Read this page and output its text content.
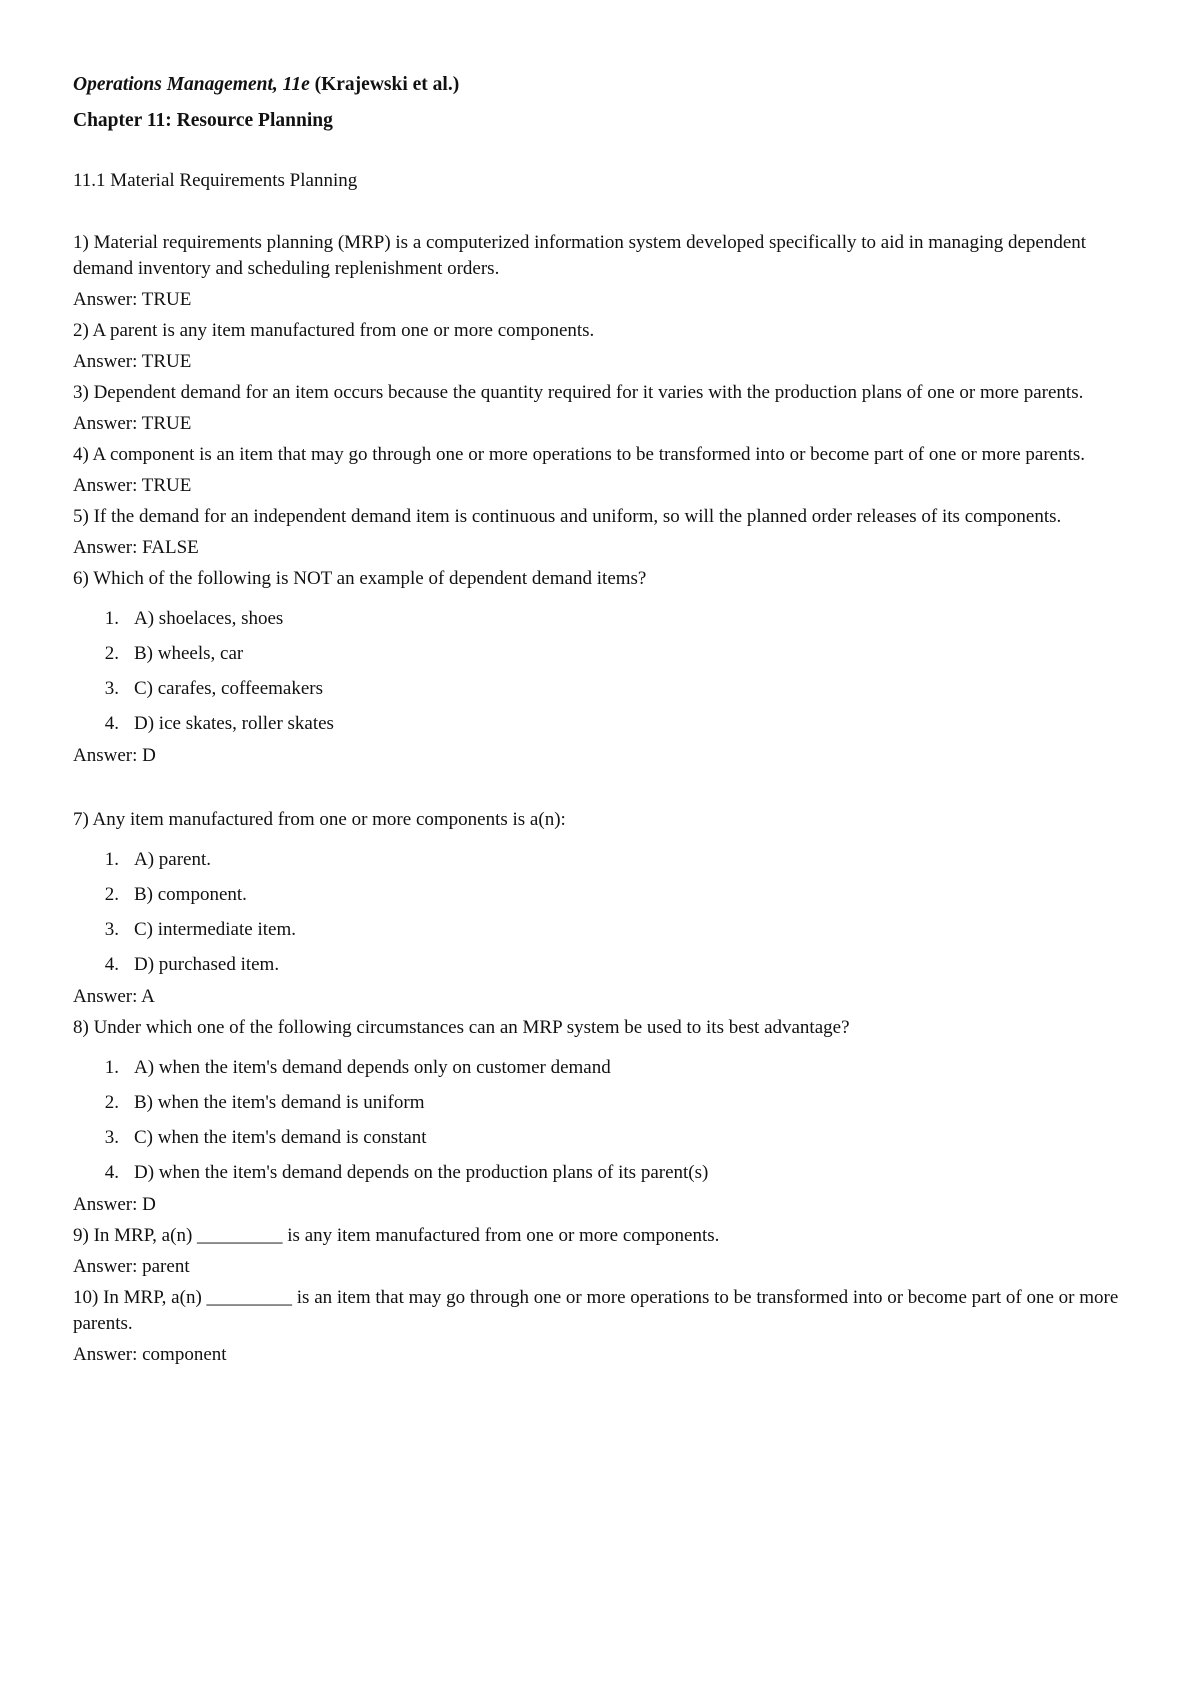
Operations Management, 11e (Krajewski et al.)
Chapter 11: Resource Planning
11.1 Material Requirements Planning

1) Material requirements planning (MRP) is a computerized information system developed specifically to aid in managing dependent demand inventory and scheduling replenishment orders.

Answer: TRUE

2) A parent is any item manufactured from one or more components.

Answer: TRUE

3) Dependent demand for an item occurs because the quantity required for it varies with the production plans of one or more parents.

Answer: TRUE

4) A component is an item that may go through one or more operations to be transformed into or become part of one or more parents.

Answer: TRUE

5) If the demand for an independent demand item is continuous and uniform, so will the planned order releases of its components.

Answer: FALSE

6) Which of the following is NOT an example of dependent demand items?

1. A) shoelaces, shoes
2. B) wheels, car
3. C) carafes, coffeemakers
4. D) ice skates, roller skates

Answer: D

7) Any item manufactured from one or more components is a(n):

1. A) parent.
2. B) component.
3. C) intermediate item.
4. D) purchased item.

Answer: A

8) Under which one of the following circumstances can an MRP system be used to its best advantage?

1. A) when the item's demand depends only on customer demand
2. B) when the item's demand is uniform
3. C) when the item's demand is constant
4. D) when the item's demand depends on the production plans of its parent(s)

Answer: D

9) In MRP, a(n) _________ is any item manufactured from one or more components.

Answer: parent

10) In MRP, a(n) _________ is an item that may go through one or more operations to be transformed into or become part of one or more parents.

Answer: component
